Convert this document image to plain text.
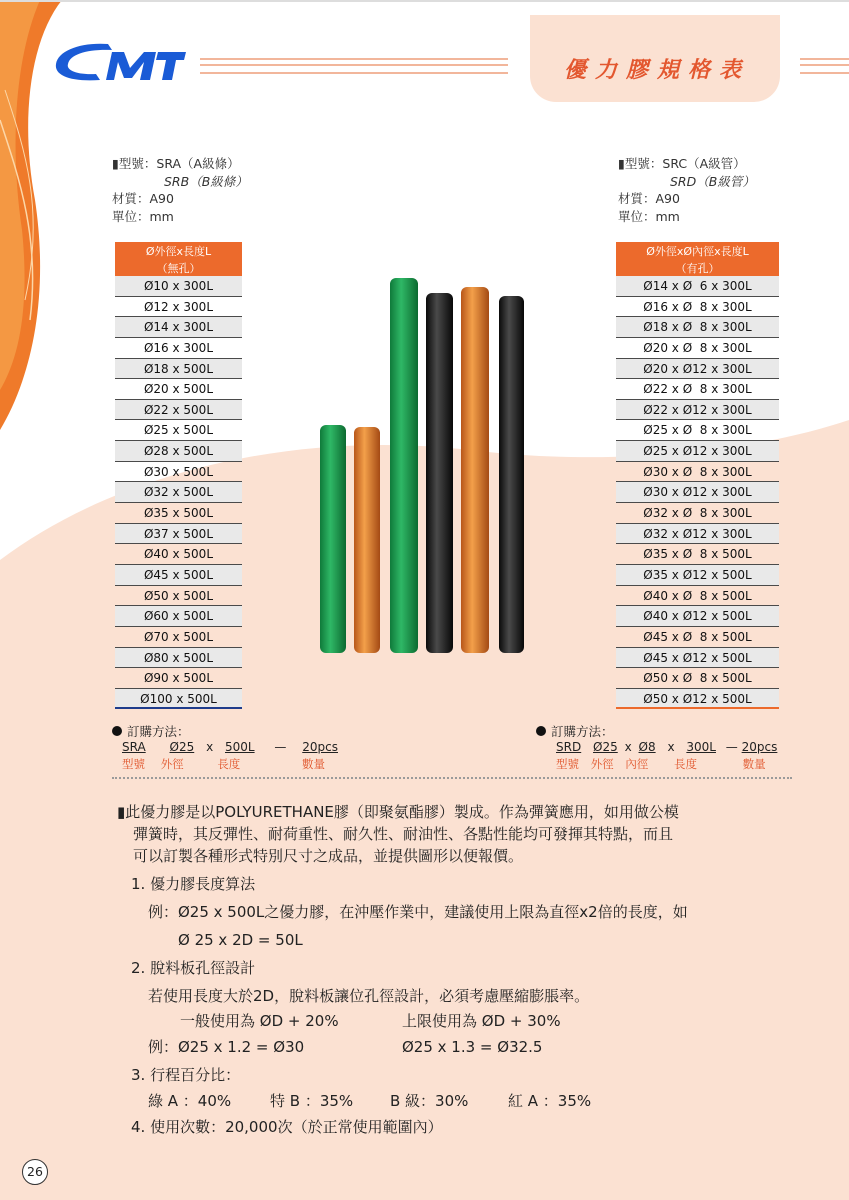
優力膠規格表
▮型號：SRA（A級條）
SRB（B級條）
材質：A90
單位：mm
▮型號：SRC（A級管）
SRD（B級管）
材質：A90
單位：mm
Ø外徑x長度L
（無孔）
Ø10 x 300L
Ø12 x 300L
Ø14 x 300L
Ø16 x 300L
Ø18 x 500L
Ø20 x 500L
Ø22 x 500L
Ø25 x 500L
Ø28 x 500L
Ø30 x 500L
Ø32 x 500L
Ø35 x 500L
Ø37 x 500L
Ø40 x 500L
Ø45 x 500L
Ø50 x 500L
Ø60 x 500L
Ø70 x 500L
Ø80 x 500L
Ø90 x 500L
Ø100 x 500L
Ø外徑xØ內徑x長度L
（有孔）
Ø14 x Ø  6 x 300L
Ø16 x Ø  8 x 300L
Ø18 x Ø  8 x 300L
Ø20 x Ø  8 x 300L
Ø20 x Ø12 x 300L
Ø22 x Ø  8 x 300L
Ø22 x Ø12 x 300L
Ø25 x Ø  8 x 300L
Ø25 x Ø12 x 300L
Ø30 x Ø  8 x 300L
Ø30 x Ø12 x 300L
Ø32 x Ø  8 x 300L
Ø32 x Ø12 x 300L
Ø35 x Ø  8 x 500L
Ø35 x Ø12 x 500L
Ø40 x Ø  8 x 500L
Ø40 x Ø12 x 500L
Ø45 x Ø  8 x 500L
Ø45 x Ø12 x 500L
Ø50 x Ø  8 x 500L
Ø50 x Ø12 x 500L
訂購方法：
SRA Ø25 x 500L — 20pcs
型號 外徑	長度	數量
訂購方法：
SRD Ø25 x Ø8 x 300L — 20pcs
型號 外徑 內徑 長度	數量
▮此優力膠是以POLYURETHANE膠（即聚氨酯膠）製成。作為彈簧應用，如用做公模
彈簧時，其反彈性、耐荷重性、耐久性、耐油性、各點性能均可發揮其特點，而且
可以訂製各種形式特別尺寸之成品，並提供圖形以便報價。
1. 優力膠長度算法
例：Ø25 x 500L之優力膠，在沖壓作業中，建議使用上限為直徑x2倍的長度，如
Ø 25 x 2D = 50L
2. 脫料板孔徑設計
若使用長度大於2D，脫料板讓位孔徑設計，必須考慮壓縮膨脹率。
一般使用為 ØD + 20%	上限使用為 ØD + 30%
例：Ø25 x 1.2 = Ø30	Ø25 x 1.3 = Ø32.5
3. 行程百分比：
綠 A ：40%	特 B ：35% B 級：30%	紅 A ：35%
4. 使用次數：20,000次（於正常使用範圍內）
26
